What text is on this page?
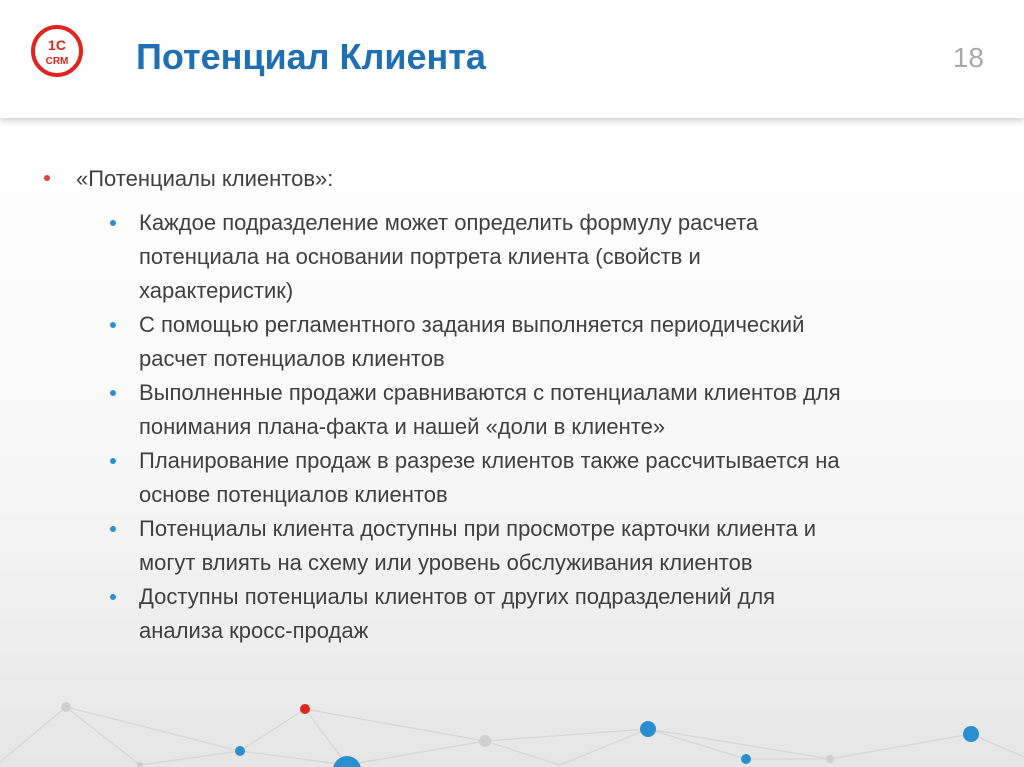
1С
CRM Потенциал Клиента	18
«Потенциалы клиентов»:
Каждое подразделение может определить формулу расчета
потенциала на основании портрета клиента (свойств и
характеристик)
С помощью регламентного задания выполняется периодический
расчет потенциалов клиентов
Выполненные продажи сравниваются с потенциалами клиентов для
понимания плана-факта и нашей «доли в клиенте»
Планирование продаж в разрезе клиентов также рассчитывается на
основе потенциалов клиентов
Потенциалы клиента доступны при просмотре карточки клиента и
могут влиять на схему или уровень обслуживания клиентов
Доступны потенциалы клиентов от других подразделений для
анализа кросс-продаж
